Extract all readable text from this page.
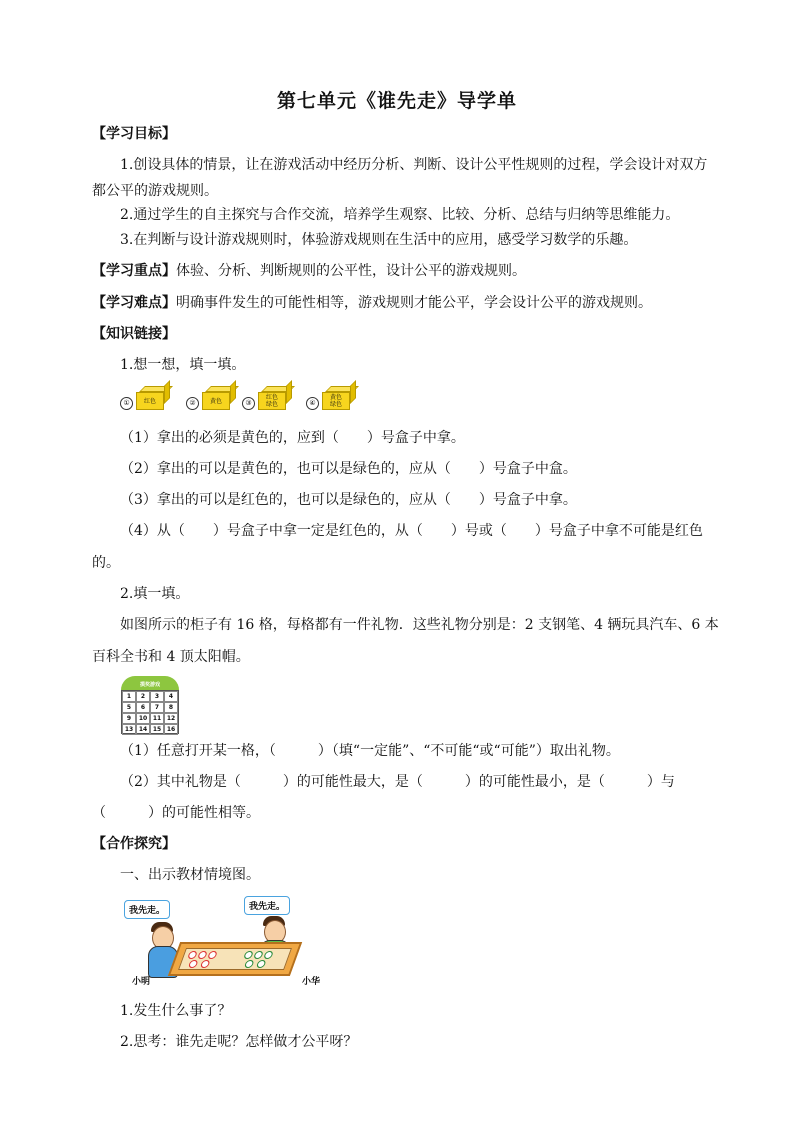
第七单元《谁先走》导学单
【学习目标】
1.创设具体的情景，让在游戏活动中经历分析、判断、设计公平性规则的过程，学会设计对双方
都公平的游戏规则。
2.通过学生的自主探究与合作交流，培养学生观察、比较、分析、总结与归纳等思维能力。
3.在判断与设计游戏规则时，体验游戏规则在生活中的应用，感受学习数学的乐趣。
【学习重点】体验、分析、判断规则的公平性，设计公平的游戏规则。
【学习难点】明确事件发生的可能性相等，游戏规则才能公平，学会设计公平的游戏规则。
【知识链接】
1.想一想，填一填。
①	红色	②	黄色	③
红色
绿色	④
黄色
绿色
（1）拿出的必须是黄色的，应到（　　）号盒子中拿。
（2）拿出的可以是黄色的，也可以是绿色的，应从（　　）号盒子中盒。
（3）拿出的可以是红色的，也可以是绿色的，应从（　　）号盒子中拿。
（4）从（　　）号盒子中拿一定是红色的，从（　　）号或（　　）号盒子中拿不可能是红色
的。
2.填一填。
如图所示的柜子有 16 格，每格都有一件礼物．这些礼物分别是：2 支钢笔、4 辆玩具汽车、6 本
百科全书和 4 顶太阳帽。
摸奖游戏
1	2	3	4
5	6	7	8
9	10 11 12
13 14 15 16
（1）任意打开某一格，（　　　）（填“一定能”、“不可能“或“可能”）取出礼物。
（2）其中礼物是（　　　）的可能性最大，是（　　　）的可能性最小，是（　　　）与
（　　　）的可能性相等。
【合作探究】
一、出示教材情境图。
我先走。	我先走。
小明	小华
1.发生什么事了？
2.思考：谁先走呢？怎样做才公平呀？
